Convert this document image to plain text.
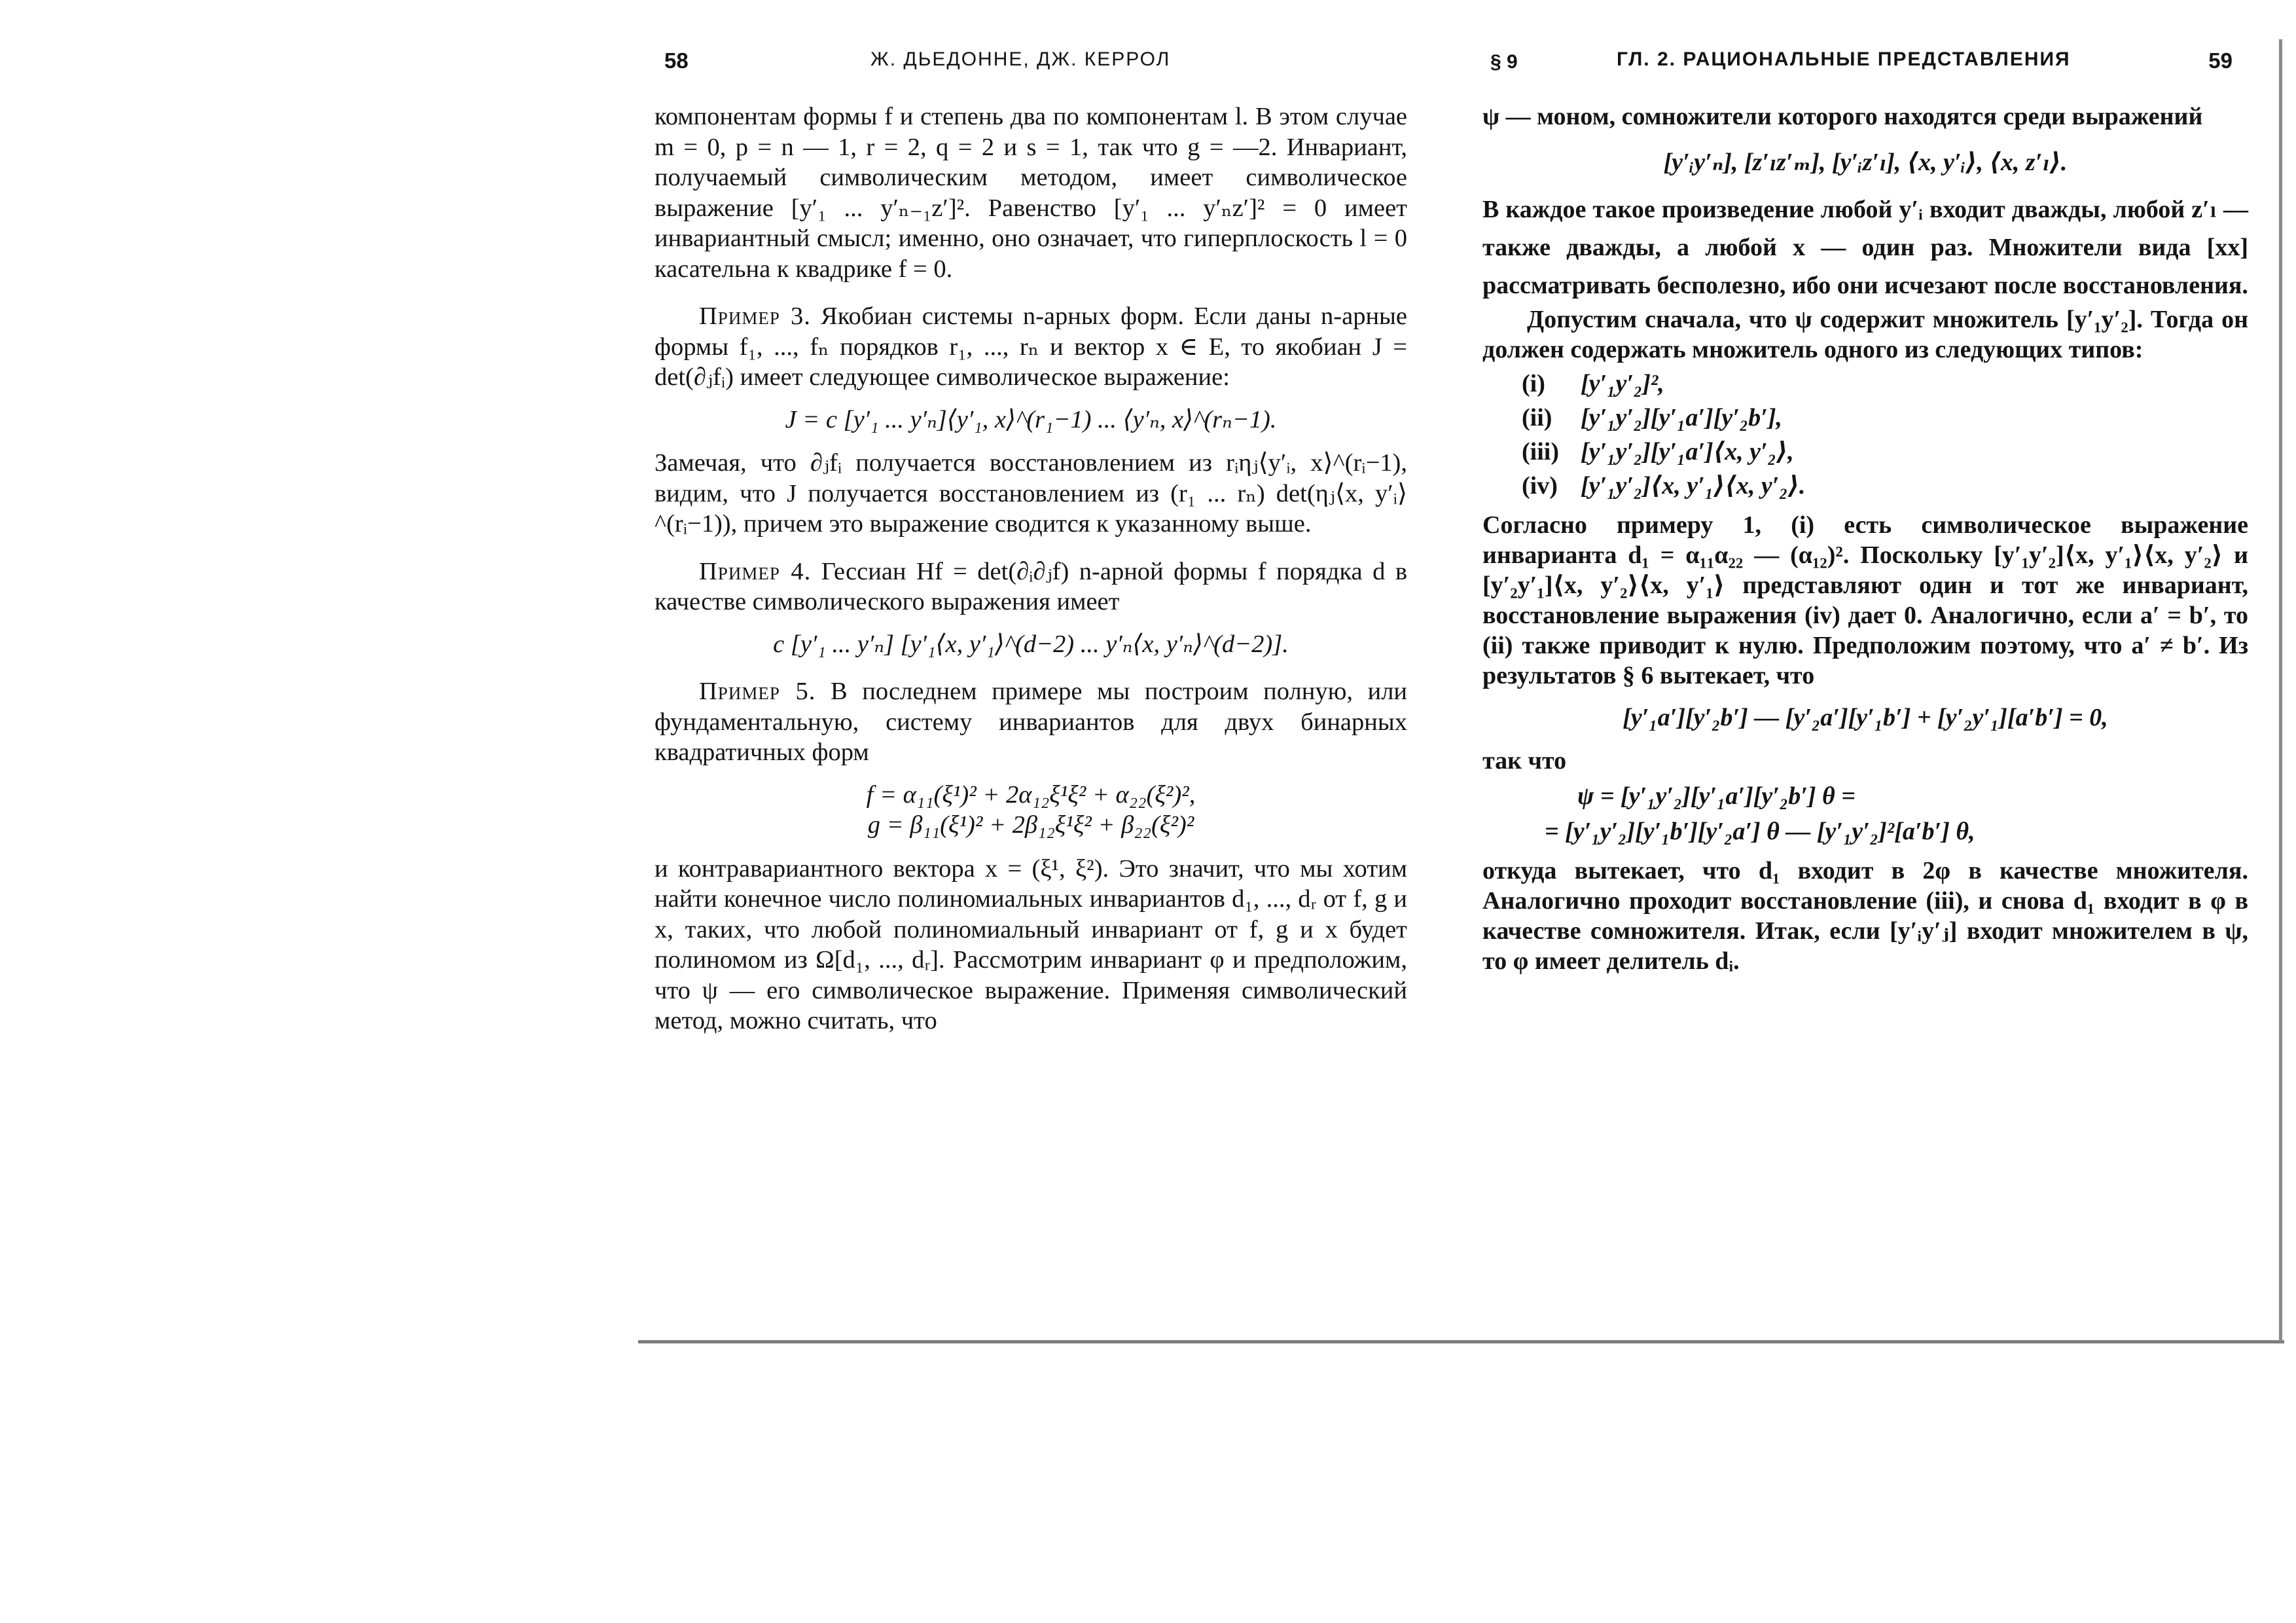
58	Ж. ДЬЕДОННЕ, ДЖ. КЕРРОЛ

компонентам формы f и степень два по компонентам l. В этом случае m = 0, p = n — 1, r = 2, q = 2 и s = 1, так что g = —2. Инвариант, получаемый символическим методом, имеет символическое выражение [y′₁ ... y′ₙ₋₁z′]². Равенство [y′₁ ... y′ₙz′]² = 0 имеет инвариантный смысл; именно, оно означает, что гиперплоскость l = 0 касательна к квадрике f = 0.

Пример 3. Якобиан системы n-арных форм. Если даны n-арные формы f₁, ..., fₙ порядков r₁, ..., rₙ и вектор x ∈ E, то якобиан J = det(∂ⱼfᵢ) имеет следующее символическое выражение:

J = c [y′₁ ... y′ₙ]⟨y′₁, x⟩^(r₁−1) ... ⟨y′ₙ, x⟩^(rₙ−1).

Замечая, что ∂ⱼfᵢ получается восстановлением из rᵢηⱼ⟨y′ᵢ, x⟩^(rᵢ−1), видим, что J получается восстановлением из (r₁ ... rₙ) det(ηⱼ⟨x, y′ᵢ⟩^(rᵢ−1)), причем это выражение сводится к указанному выше.

Пример 4. Гессиан Hf = det(∂ᵢ∂ⱼf) n-арной формы f порядка d в качестве символического выражения имеет

c [y′₁ ... y′ₙ] [y′₁⟨x, y′₁⟩^(d−2) ... y′ₙ⟨x, y′ₙ⟩^(d−2)].

Пример 5. В последнем примере мы построим полную, или фундаментальную, систему инвариантов для двух бинарных квадратичных форм

f = α₁₁(ξ¹)² + 2α₁₂ξ¹ξ² + α₂₂(ξ²)²,
g = β₁₁(ξ¹)² + 2β₁₂ξ¹ξ² + β₂₂(ξ²)²

и контравариантного вектора x = (ξ¹, ξ²). Это значит, что мы хотим найти конечное число полиномиальных инвариантов d₁, ..., dᵣ от f, g и x, таких, что любой полиномиальный инвариант от f, g и x будет полиномом из Ω[d₁, ..., dᵣ]. Рассмотрим инвариант φ и предположим, что ψ — его символическое выражение. Применяя символический метод, можно считать, что

§ 9	ГЛ. 2. РАЦИОНАЛЬНЫЕ ПРЕДСТАВЛЕНИЯ	59

ψ — моном, сомножители которого находятся среди выражений

[y′ᵢy′ₙ], [z′ₗz′ₘ], [y′ᵢz′ₗ], ⟨x, y′ᵢ⟩, ⟨x, z′ₗ⟩.

В каждое такое произведение любой y′ᵢ входит дважды, любой z′ₗ — также дважды, а любой x — один раз. Множители вида [xx] рассматривать бесполезно, ибо они исчезают после восстановления.

Допустим сначала, что ψ содержит множитель [y′₁y′₂]. Тогда он должен содержать множитель одного из следующих типов:

(i) [y′₁y′₂]²,
(ii) [y′₁y′₂][y′₁a′][y′₂b′],
(iii) [y′₁y′₂][y′₁a′]⟨x, y′₂⟩,
(iv) [y′₁y′₂]⟨x, y′₁⟩⟨x, y′₂⟩.

Согласно примеру 1, (i) есть символическое выражение инварианта d₁ = α₁₁α₂₂ — (α₁₂)². Поскольку [y′₁y′₂]⟨x, y′₁⟩⟨x, y′₂⟩ и [y′₂y′₁]⟨x, y′₂⟩⟨x, y′₁⟩ представляют один и тот же инвариант, восстановление выражения (iv) дает 0. Аналогично, если a′ = b′, то (ii) также приводит к нулю. Предположим поэтому, что a′ ≠ b′. Из результатов § 6 вытекает, что

[y′₁a′][y′₂b′] — [y′₂a′][y′₁b′] + [y′₂y′₁][a′b′] = 0,

так что

ψ = [y′₁y′₂][y′₁a′][y′₂b′] θ =
= [y′₁y′₂][y′₁b′][y′₂a′] θ — [y′₁y′₂]²[a′b′] θ,

откуда вытекает, что d₁ входит в 2φ в качестве множителя. Аналогично проходит восстановление (iii), и снова d₁ входит в φ в качестве сомножителя. Итак, если [y′ᵢy′ⱼ] входит множителем в ψ, то φ имеет делитель dᵢ.
